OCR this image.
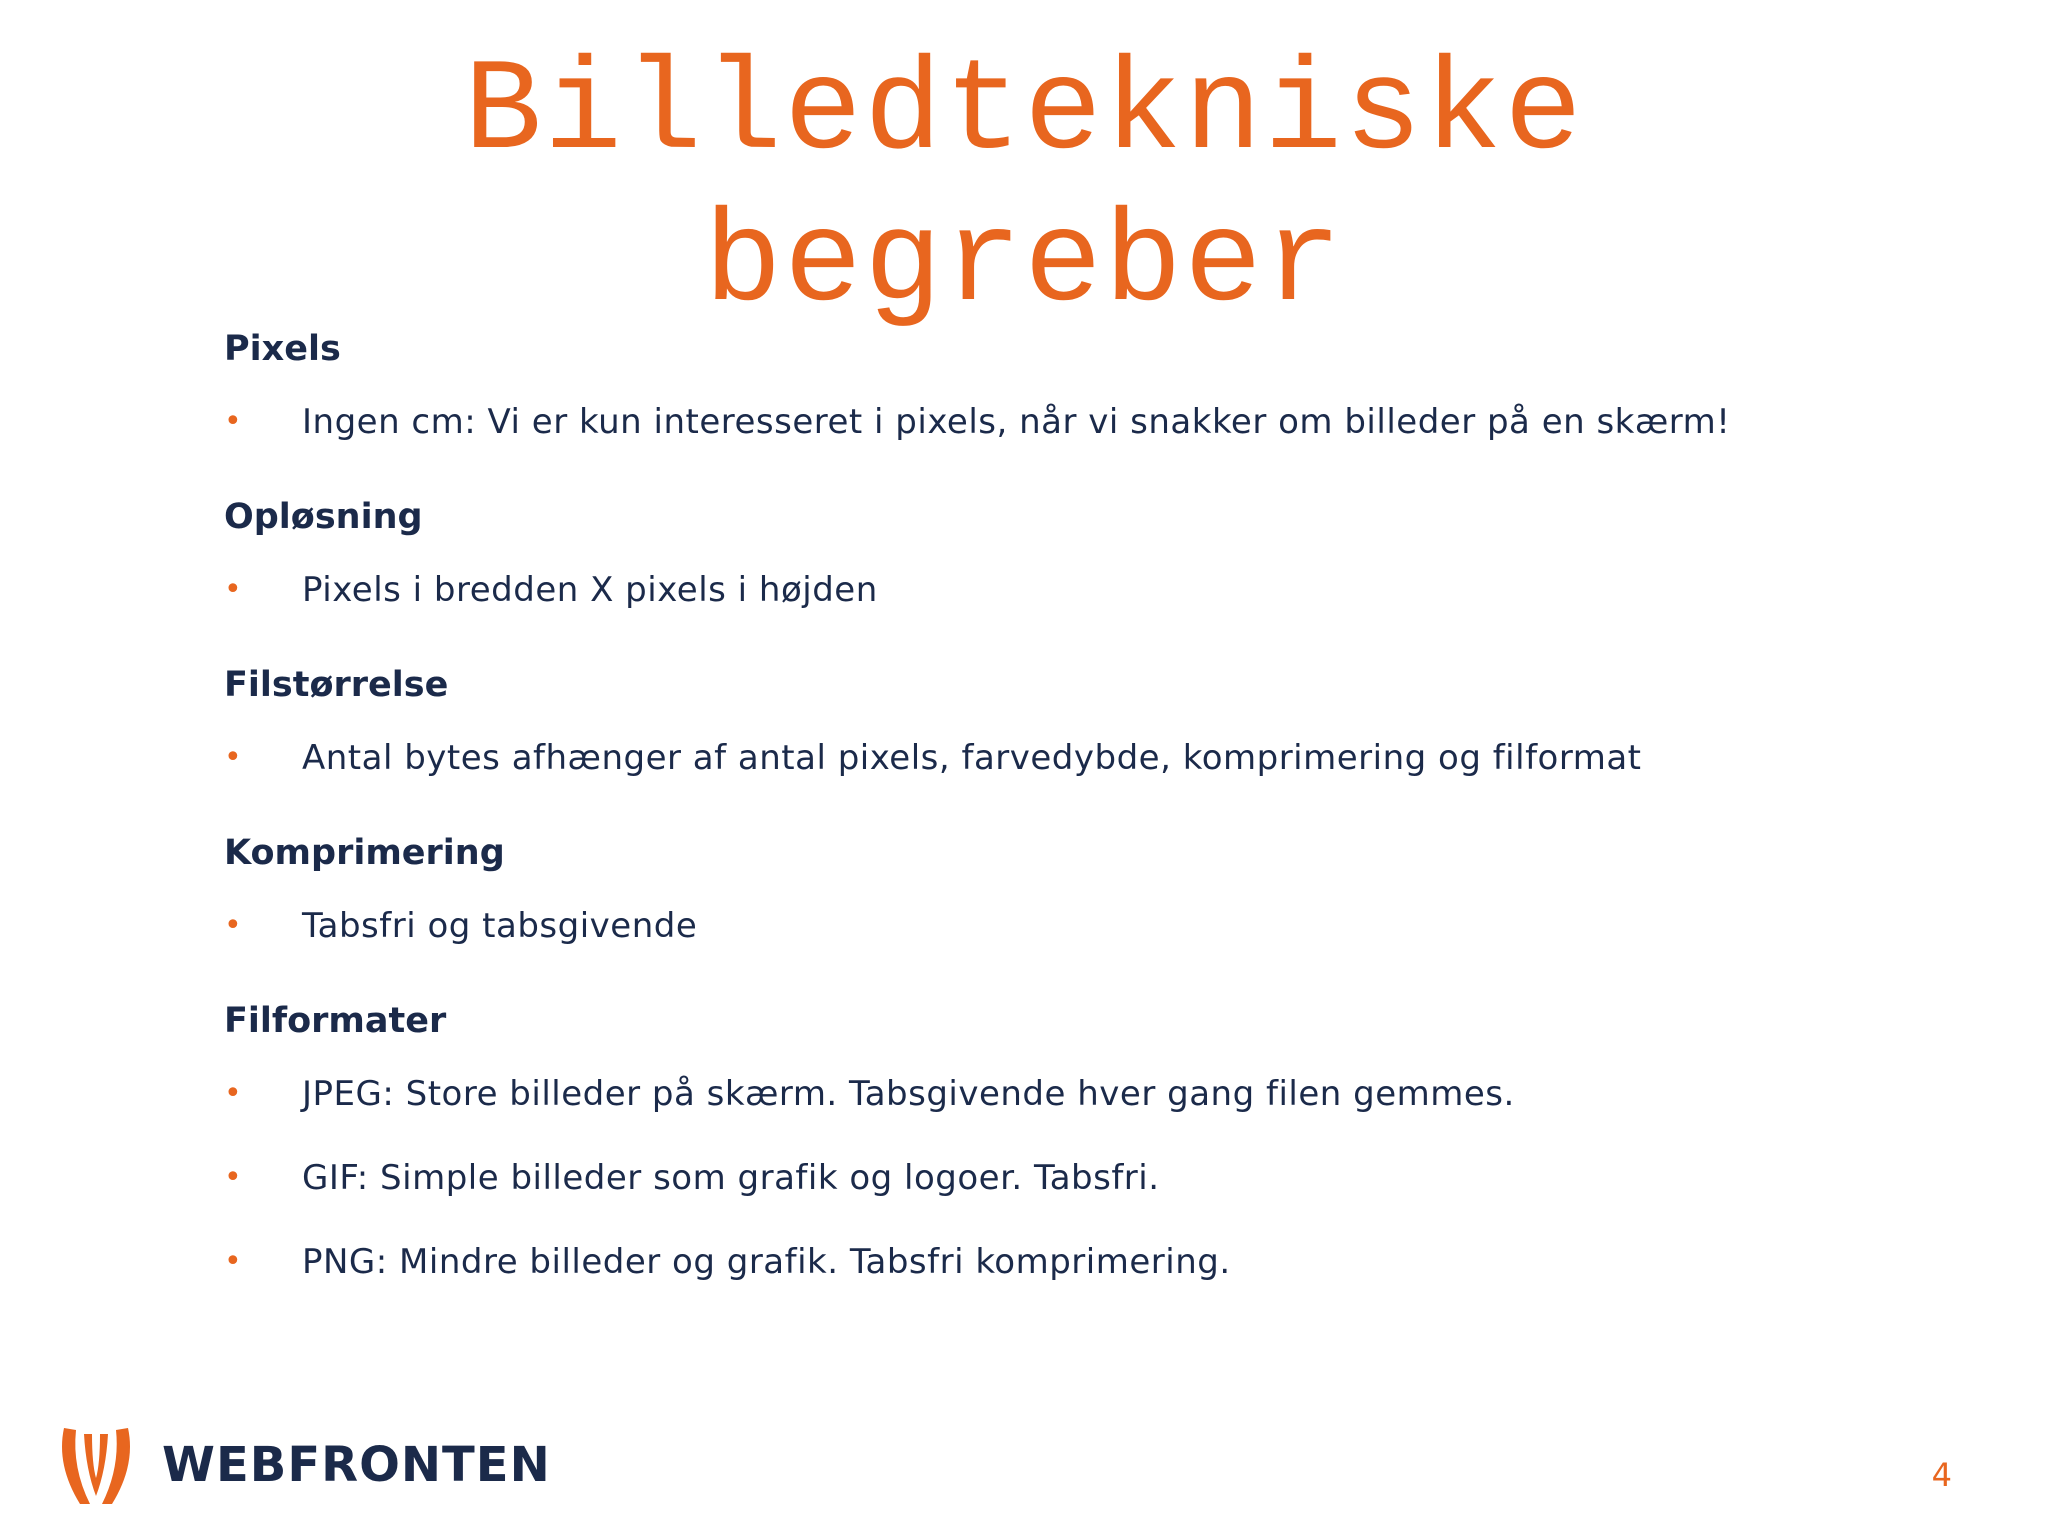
Billedtekniske
begreber
Pixels
• Ingen cm: Vi er kun interesseret i pixels, når vi snakker om billeder på en skærm!
Opløsning
• Pixels i bredden X pixels i højden
Filstørrelse
• Antal bytes afhænger af antal pixels, farvedybde, komprimering og filformat
Komprimering
• Tabsfri og tabsgivende
Filformater
• JPEG: Store billeder på skærm. Tabsgivende hver gang filen gemmes.
• GIF: Simple billeder som grafik og logoer. Tabsfri.
• PNG: Mindre billeder og grafik. Tabsfri komprimering.
WEBFRONTEN	4
